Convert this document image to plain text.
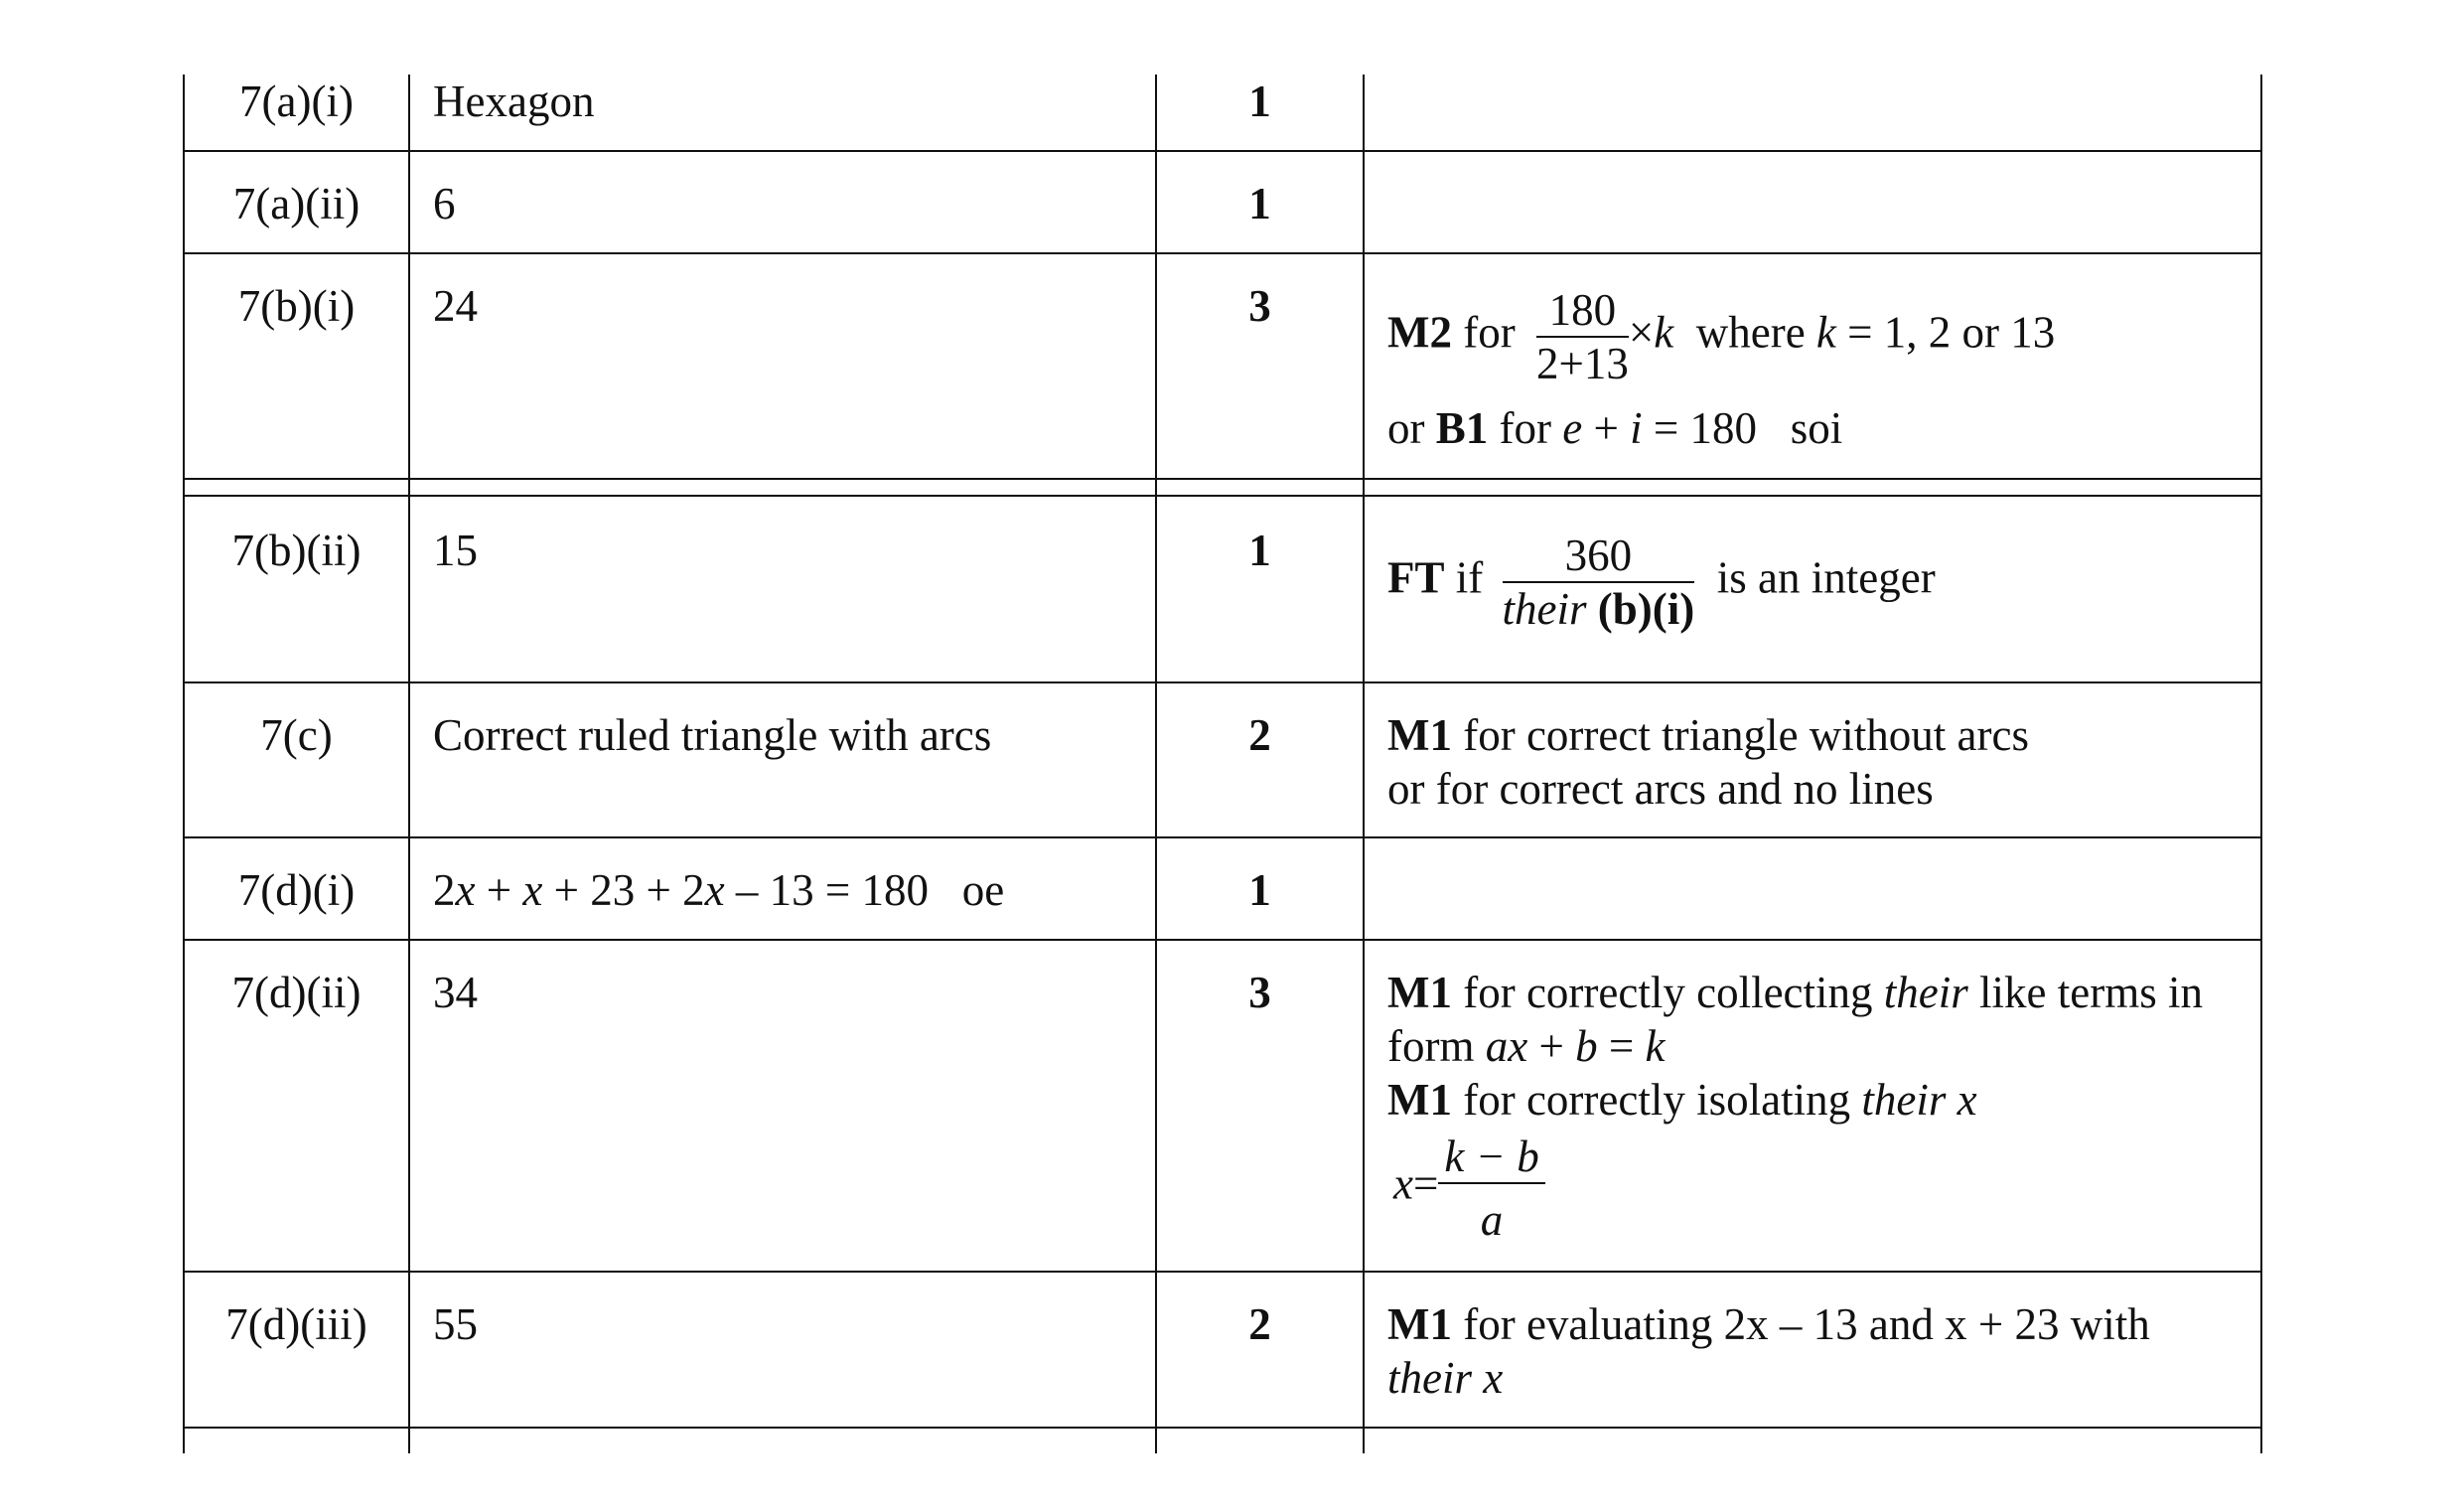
7(a)(i)	Hexagon	1
7(a)(ii)	6	1
7(b)(i)	24	3
M2 for $\frac{180}{2+13} \times k$ where k = 1, 2 or 13
or B1 for e + i = 180 soi
7(b)(ii)	15	1
FT if $\frac{360}{\text{their (b)(i)}}$ is an integer
7(c)	Correct ruled triangle with arcs	2	M1 for correct triangle without arcs
or for correct arcs and no lines
7(d)(i)	2x + x + 23 + 2x – 13 = 180   oe	1
7(d)(ii)	34	3	M1 for correctly collecting their like terms in
form ax + b = k
M1 for correctly isolating their x
$x= \frac{k - b}{a}$
7(d)(iii)	55	2	M1 for evaluating 2x – 13 and x + 23 with
their x
